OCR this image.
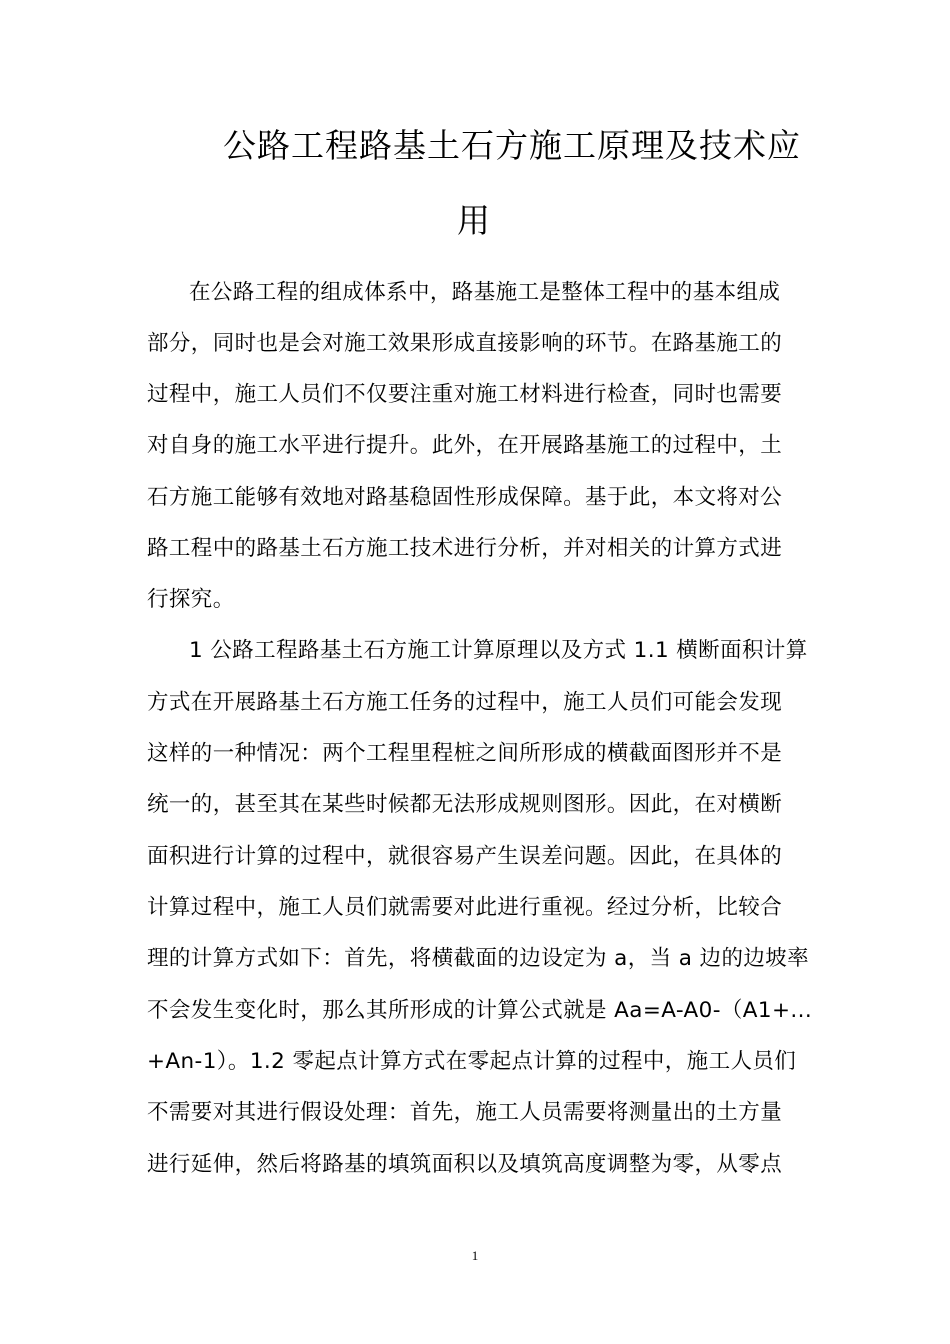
公路工程路基土石方施工原理及技术应
用
在公路工程的组成体系中，路基施工是整体工程中的基本组成
部分，同时也是会对施工效果形成直接影响的环节。在路基施工的
过程中，施工人员们不仅要注重对施工材料进行检查，同时也需要
对自身的施工水平进行提升。此外，在开展路基施工的过程中，土
石方施工能够有效地对路基稳固性形成保障。基于此，本文将对公
路工程中的路基土石方施工技术进行分析，并对相关的计算方式进
行探究。
1 公路工程路基土石方施工计算原理以及方式 1.1 横断面积计算
方式在开展路基土石方施工任务的过程中，施工人员们可能会发现
这样的一种情况：两个工程里程桩之间所形成的横截面图形并不是
统一的，甚至其在某些时候都无法形成规则图形。因此，在对横断
面积进行计算的过程中，就很容易产生误差问题。因此，在具体的
计算过程中，施工人员们就需要对此进行重视。经过分析，比较合
理的计算方式如下：首先，将横截面的边设定为 a，当 a 边的边坡率
不会发生变化时，那么其所形成的计算公式就是 Aa=A-A0-（A1+...
+An-1）。1.2 零起点计算方式在零起点计算的过程中，施工人员们
不需要对其进行假设处理：首先，施工人员需要将测量出的土方量
进行延伸，然后将路基的填筑面积以及填筑高度调整为零，从零点
1
